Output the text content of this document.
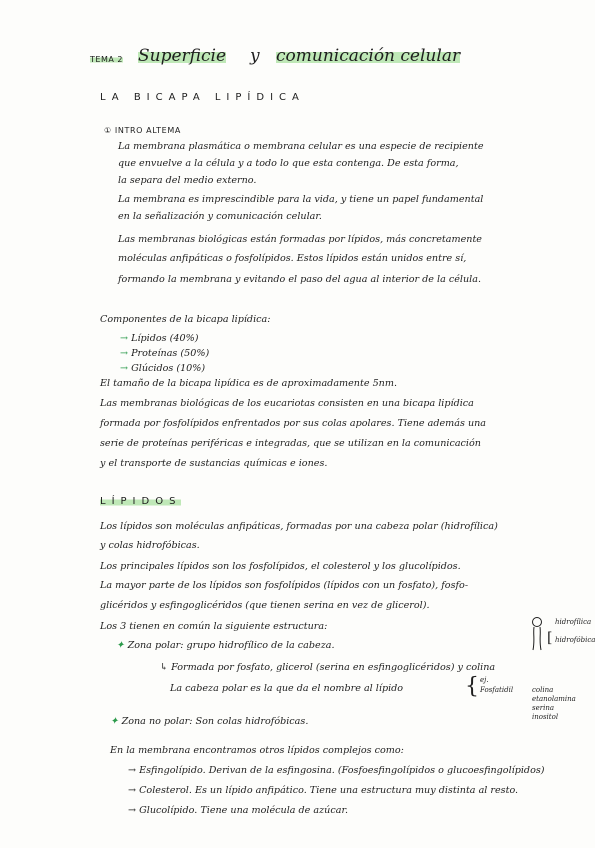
TEMA 2 Superficie y comunicación celular
LA BICAPA LIPÍDICA
① INTRO ALTEMA
La membrana plasmática o membrana celular es una especie de recipiente
que envuelve a la célula y a todo lo que esta contenga. De esta forma,
la separa del medio externo.
La membrana es imprescindible para la vida, y tiene un papel fundamental
en la señalización y comunicación celular.
Las membranas biológicas están formadas por lípidos, más concretamente
moléculas anfipáticas o fosfolípidos. Estos lípidos están unidos entre sí,
formando la membrana y evitando el paso del agua al interior de la célula.
Componentes de la bicapa lipídica:
→ Lípidos (40%)
→ Proteínas (50%)
→ Glúcidos (10%)
El tamaño de la bicapa lipídica es de aproximadamente 5nm.
Las membranas biológicas de los eucariotas consisten en una bicapa lipídica
formada por fosfolípidos enfrentados por sus colas apolares. Tiene además una
serie de proteínas periféricas e integradas, que se utilizan en la comunicación
y el transporte de sustancias químicas e iones.
LÍPIDOS
Los lípidos son moléculas anfipáticas, formadas por una cabeza polar (hidrofílica)
y colas hidrofóbicas.
Los principales lípidos son los fosfolípidos, el colesterol y los glucolípidos.
La mayor parte de los lípidos son fosfolípidos (lípidos con un fosfato), fosfo-
glicéridos y esfingoglicéridos (que tienen serina en vez de glicerol).
Los 3 tienen en común la siguiente estructura:	hidrofílica
hidrofóbica
[
✦ Zona polar: grupo hidrofílico de la cabeza.
↳ Formada por fosfato, glicerol (serina en esfingoglicéridos) y colina
La cabeza polar es la que da el nombre al lípido	{ ej.
Fosfatidil	colina
etanolamina
serina
inositol
✦ Zona no polar: Son colas hidrofóbicas.
En la membrana encontramos otros lípidos complejos como:
→ Esfingolípido. Derivan de la esfingosina. (Fosfoesfingolípidos o glucoesfingolípidos)
→ Colesterol. Es un lípido anfipático. Tiene una estructura muy distinta al resto.
→ Glucolípido. Tiene una molécula de azúcar.
